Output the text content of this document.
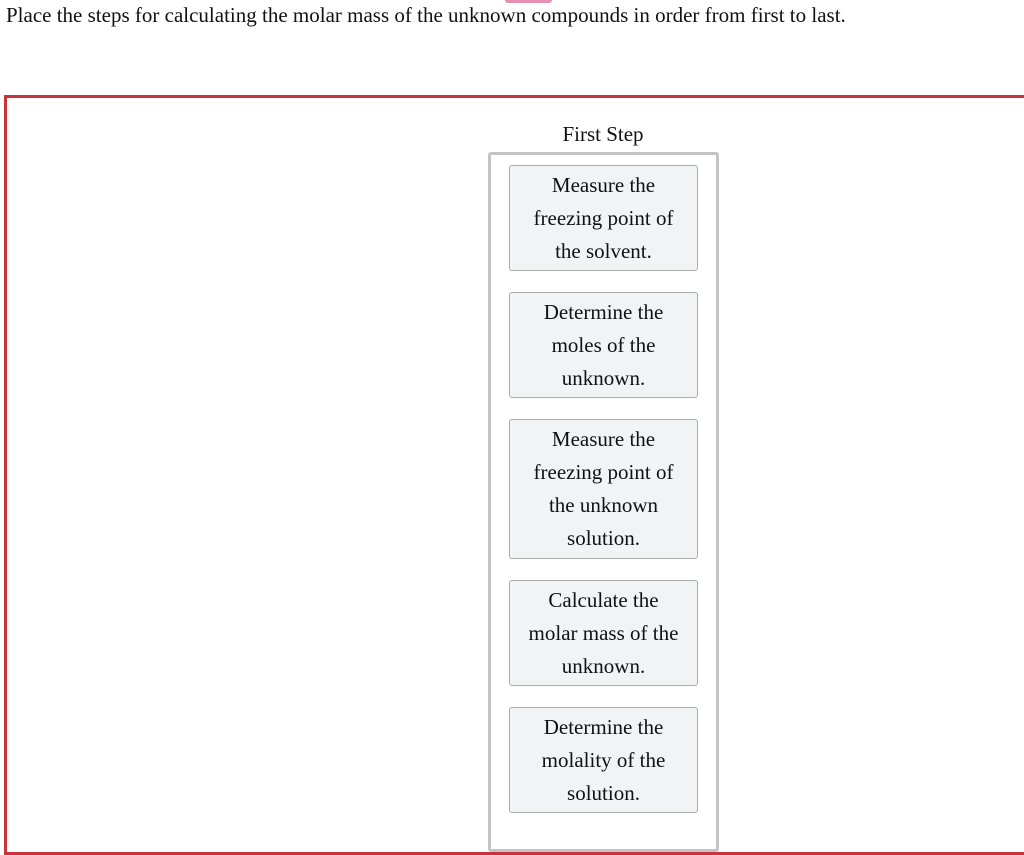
Place the steps for calculating the molar mass of the unknown compounds in order from first to last.
First Step
Measure the freezing point of the solvent.
Determine the moles of the unknown.
Measure the freezing point of the unknown solution.
Calculate the molar mass of the unknown.
Determine the molality of the solution.
